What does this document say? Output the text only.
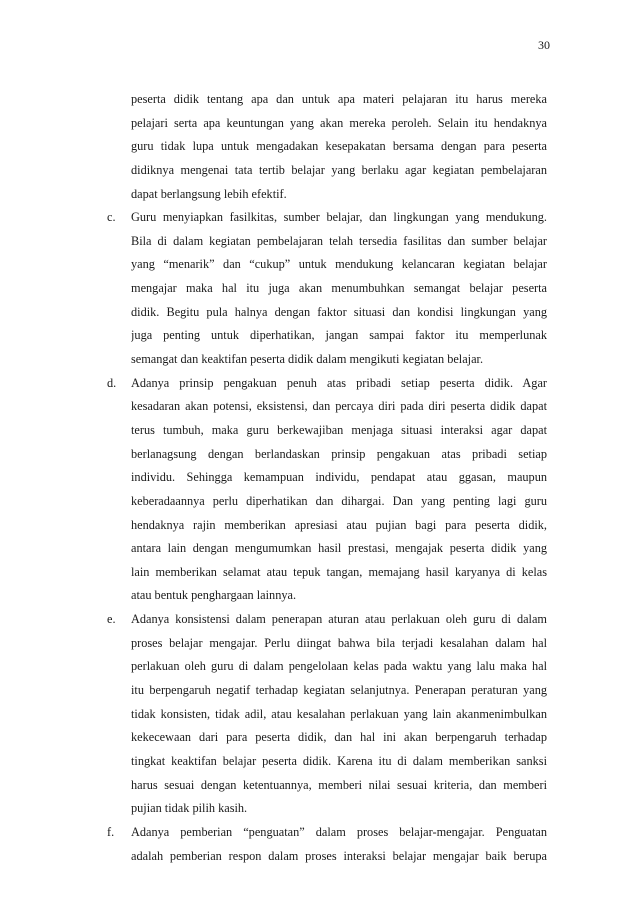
30
peserta didik tentang apa dan untuk apa materi pelajaran itu harus mereka
pelajari serta apa keuntungan yang akan mereka peroleh. Selain itu hendaknya
guru tidak lupa untuk mengadakan kesepakatan bersama dengan para peserta
didiknya mengenai tata tertib belajar yang berlaku agar kegiatan pembelajaran
dapat berlangsung lebih efektif.
c.	Guru menyiapkan fasilkitas, sumber belajar, dan lingkungan yang mendukung.
Bila di dalam kegiatan pembelajaran telah tersedia fasilitas dan sumber belajar
yang “menarik” dan “cukup” untuk mendukung kelancaran kegiatan belajar
mengajar maka hal itu juga akan menumbuhkan semangat belajar peserta
didik. Begitu pula halnya dengan faktor situasi dan kondisi lingkungan yang
juga penting untuk diperhatikan, jangan sampai faktor itu memperlunak
semangat dan keaktifan peserta didik dalam mengikuti kegiatan belajar.
d.	Adanya prinsip pengakuan penuh atas pribadi setiap peserta didik. Agar
kesadaran akan potensi, eksistensi, dan percaya diri pada diri peserta didik dapat
terus tumbuh, maka guru berkewajiban menjaga situasi interaksi agar dapat
berlanagsung dengan berlandaskan prinsip pengakuan atas pribadi setiap
individu. Sehingga kemampuan individu, pendapat atau ggasan, maupun
keberadaannya perlu diperhatikan dan dihargai. Dan yang penting lagi guru
hendaknya rajin memberikan apresiasi atau pujian bagi para peserta didik,
antara lain dengan mengumumkan hasil prestasi, mengajak peserta didik yang
lain memberikan selamat atau tepuk tangan, memajang hasil karyanya di kelas
atau bentuk penghargaan lainnya.
e.	Adanya konsistensi dalam penerapan aturan atau perlakuan oleh guru di dalam
proses belajar mengajar. Perlu diingat bahwa bila terjadi kesalahan dalam hal
perlakuan oleh guru di dalam pengelolaan kelas pada waktu yang lalu maka hal
itu berpengaruh negatif terhadap kegiatan selanjutnya. Penerapan peraturan yang
tidak konsisten, tidak adil, atau kesalahan perlakuan yang lain akanmenimbulkan
kekecewaan dari para peserta didik, dan hal ini akan berpengaruh terhadap
tingkat keaktifan belajar peserta didik. Karena itu di dalam memberikan sanksi
harus sesuai dengan ketentuannya, memberi nilai sesuai kriteria, dan memberi
pujian tidak pilih kasih.
f.	Adanya pemberian “penguatan” dalam proses belajar-mengajar. Penguatan
adalah pemberian respon dalam proses interaksi belajar mengajar baik berupa
